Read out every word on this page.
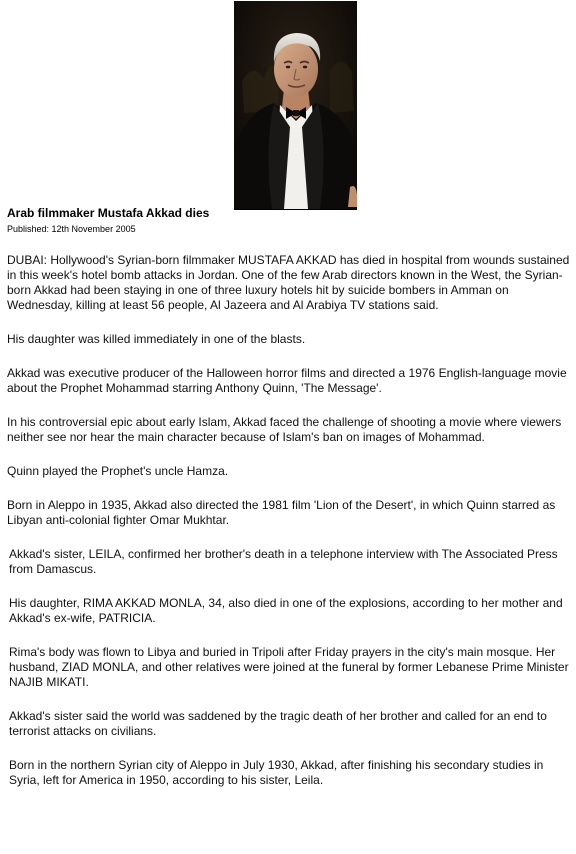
Arab filmmaker Mustafa Akkad dies
Published: 12th November 2005

DUBAI: Hollywood's Syrian-born filmmaker MUSTAFA AKKAD has died in hospital from wounds sustained in this week's hotel bomb attacks in Jordan. One of the few Arab directors known in the West, the Syrian-born Akkad had been staying in one of three luxury hotels hit by suicide bombers in Amman on Wednesday, killing at least 56 people, Al Jazeera and Al Arabiya TV stations said.

His daughter was killed immediately in one of the blasts.

Akkad was executive producer of the Halloween horror films and directed a 1976 English-language movie about the Prophet Mohammad starring Anthony Quinn, 'The Message'.

In his controversial epic about early Islam, Akkad faced the challenge of shooting a movie where viewers neither see nor hear the main character because of Islam's ban on images of Mohammad.

Quinn played the Prophet's uncle Hamza.

Born in Aleppo in 1935, Akkad also directed the 1981 film 'Lion of the Desert', in which Quinn starred as Libyan anti-colonial fighter Omar Mukhtar.

Akkad's sister, LEILA, confirmed her brother's death in a telephone interview with The Associated Press from Damascus.

His daughter, RIMA AKKAD MONLA, 34, also died in one of the explosions, according to her mother and Akkad's ex-wife, PATRICIA.

Rima's body was flown to Libya and buried in Tripoli after Friday prayers in the city's main mosque. Her husband, ZIAD MONLA, and other relatives were joined at the funeral by former Lebanese Prime Minister NAJIB MIKATI.

Akkad's sister said the world was saddened by the tragic death of her brother and called for an end to terrorist attacks on civilians.

Born in the northern Syrian city of Aleppo in July 1930, Akkad, after finishing his secondary studies in Syria, left for America in 1950, according to his sister, Leila.
